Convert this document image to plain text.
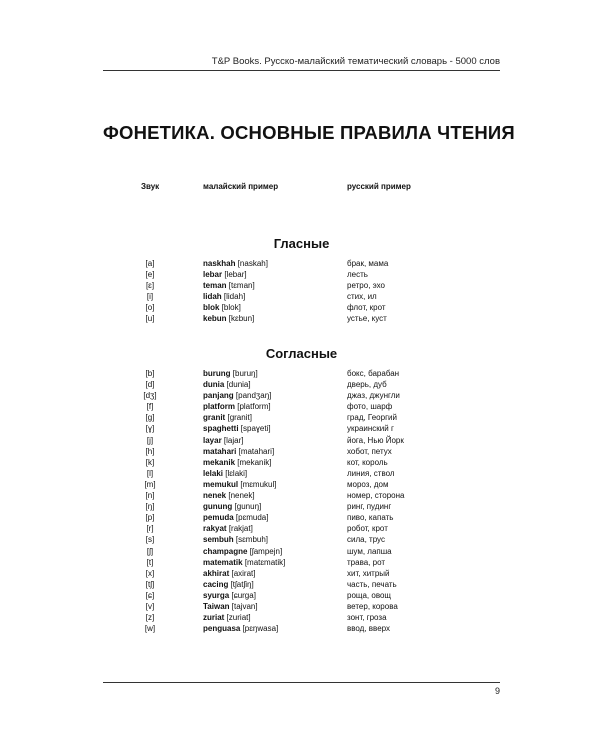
T&P Books. Русско-малайский тематический словарь - 5000 слов
ФОНЕТИКА. ОСНОВНЫЕ ПРАВИЛА ЧТЕНИЯ
Звук	малайский пример	русский пример
Гласные
[a]	naskhah [naskah]	брак, мама
[e]	lebar [lebar]	лесть
[ɛ]	teman [tɛman]	ретро, эхо
[i]	lidah [lidah]	стих, ил
[o]	blok [blok]	флот, крот
[u]	kebun [kɛbun]	устье, куст
Согласные
[b]	burung [buruŋ]	бокс, барабан
[d]	dunia [dunia]	дверь, дуб
[dʒ]	panjang [pandʒaŋ]	джаз, джунгли
[f]	platform [platform]	фото, шарф
[g]	granit [granit]	град, Георгий
[ɣ]	spaghetti [spaɣeti]	украинский г
[j]	layar [lajar]	йога, Нью Йорк
[h]	matahari [matahari]	хобот, петух
[k]	mekanik [mekanik]	кот, король
[l]	lelaki [lɛlaki]	линия, ствол
[m]	memukul [mɛmukul]	мороз, дом
[n]	nenek [nenek]	номер, сторона
[ŋ]	gunung [gunuŋ]	ринг, пудинг
[p]	pemuda [pɛmuda]	пиво, капать
[r]	rakyat [rakjat]	робот, крот
[s]	sembuh [sɛmbuh]	сила, трус
[ʃ]	champagne [ʃampejn]	шум, лапша
[t]	matematik [matɛmatik]	трава, рот
[x]	akhirat [axirat]	хит, хитрый
[tʃ]	cacing [tʃatʃiŋ]	часть, печать
[ɕ]	syurga [ɕurga]	роща, овощ
[v]	Taiwan [tajvan]	ветер, корова
[z]	zuriat [zuriat]	зонт, гроза
[w]	penguasa [pɛŋwasa]	ввод, вверх
9
